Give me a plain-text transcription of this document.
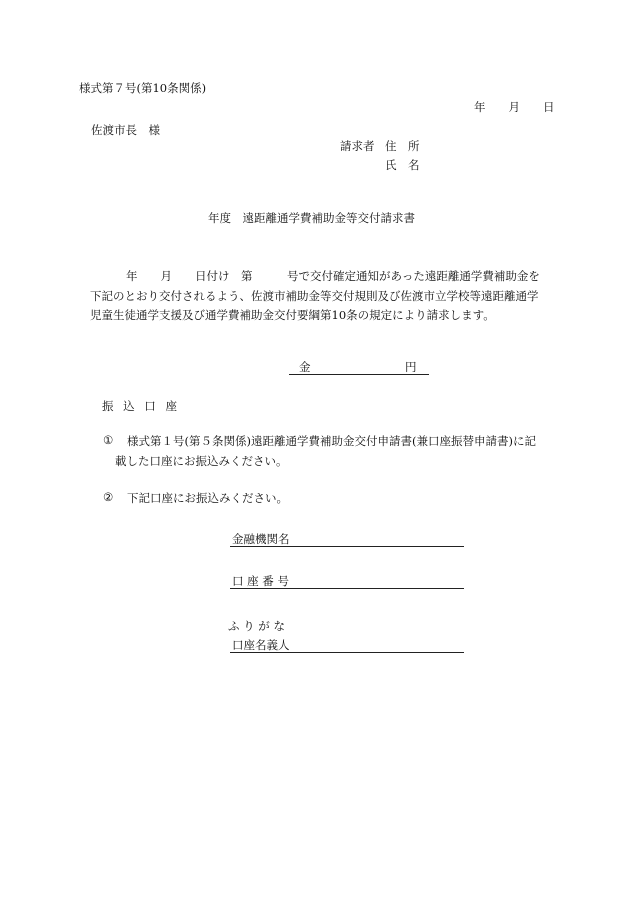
様式第７号(第10条関係)
年　　月　　日
佐渡市長　様
請求者 住　所
氏　名
年度　遠距離通学費補助金等交付請求書
年　　月　　日付け　第　　　号で交付確定通知があった遠距離通学費補助金を
下記のとおり交付されるよう、佐渡市補助金等交付規則及び佐渡市立学校等遠距離通学
児童生徒通学支援及び通学費補助金交付要綱第10条の規定により請求します。
金	円
振 込 口 座
① 様式第１号(第５条関係)遠距離通学費補助金交付申請書(兼口座振替申請書)に記
載した口座にお振込みください。
② 下記口座にお振込みください。
金融機関名
口 座 番 号
ふ り が な
口座名義人
